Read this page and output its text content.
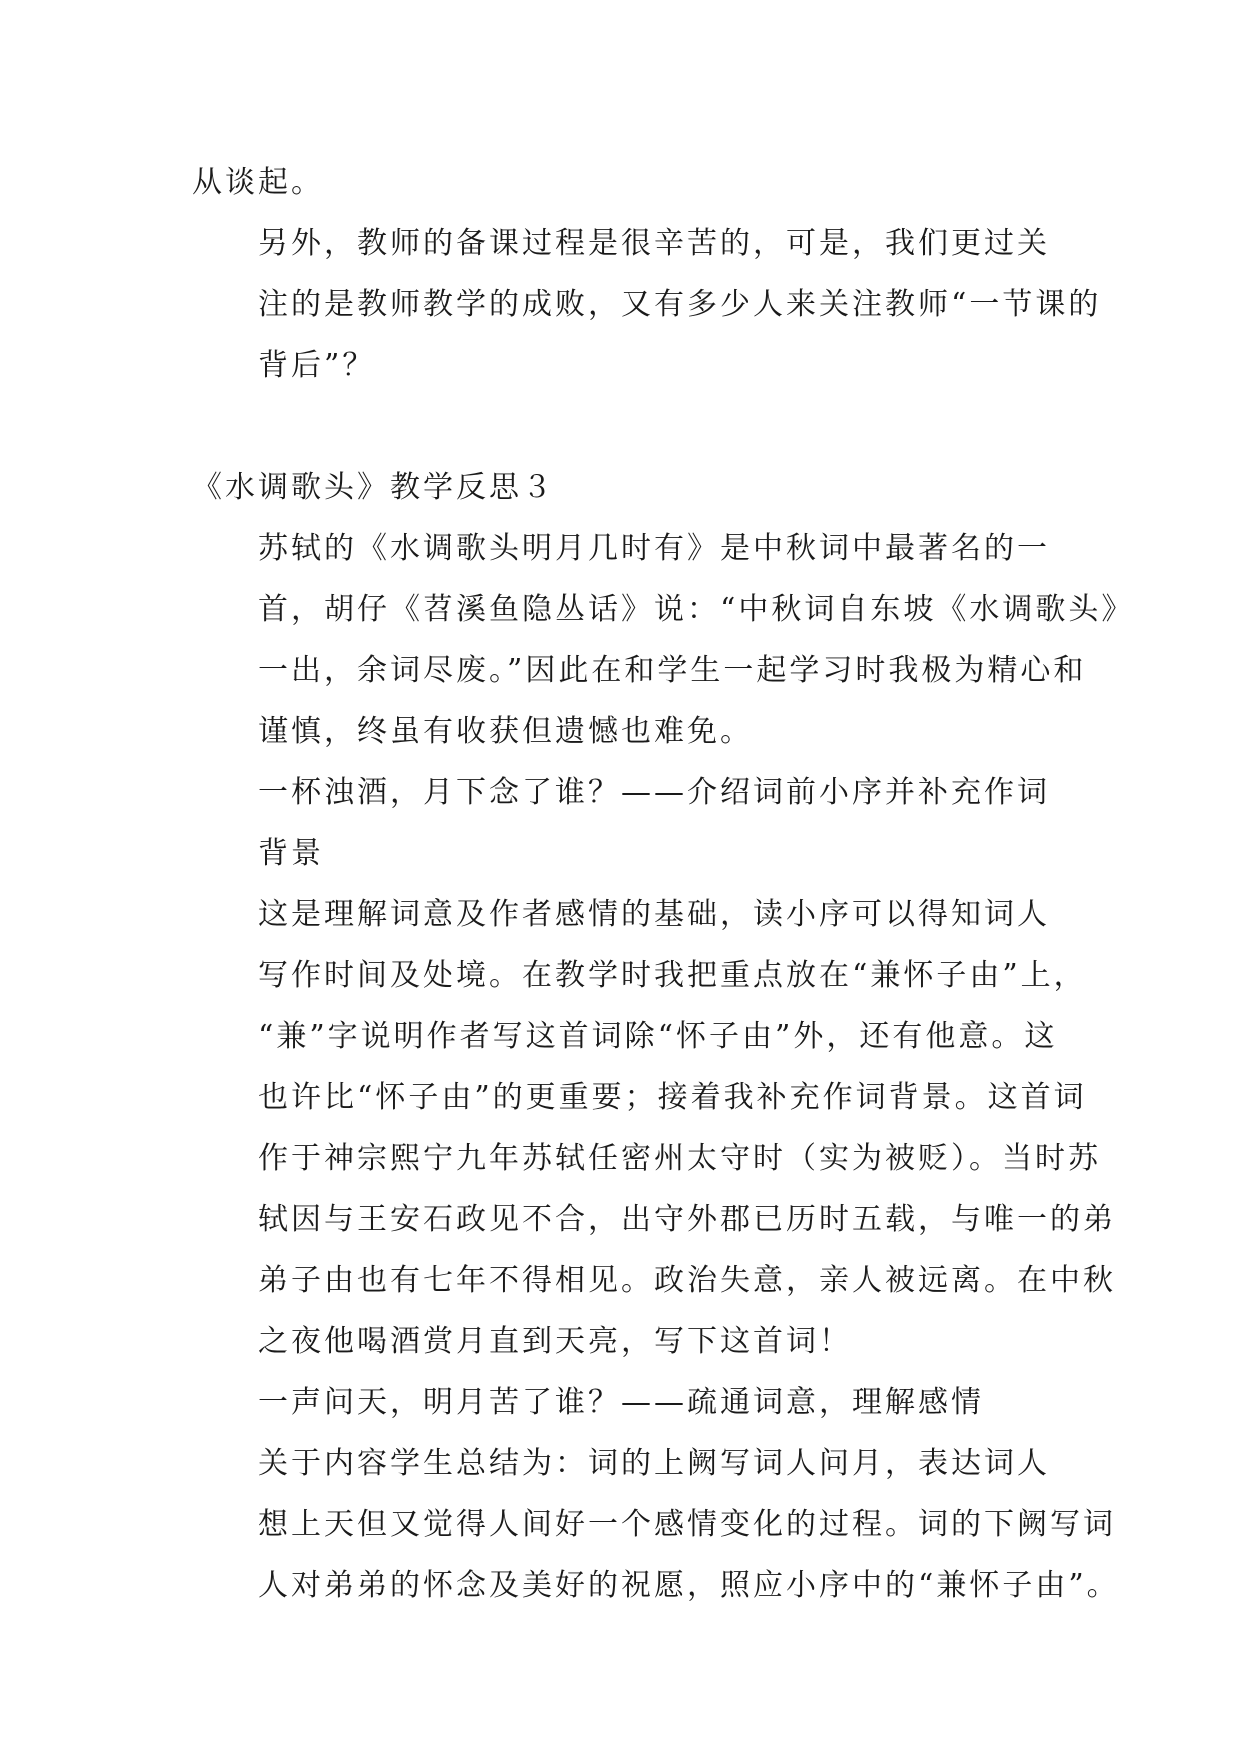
从谈起。

另外，教师的备课过程是很辛苦的，可是，我们更过关
注的是教师教学的成败，又有多少人来关注教师“一节课的
背后”？

《水调歌头》教学反思３

苏轼的《水调歌头明月几时有》是中秋词中最著名的一
首，胡仔《苕溪鱼隐丛话》说：“中秋词自东坡《水调歌头》
一出，余词尽废。”因此在和学生一起学习时我极为精心和
谨慎，终虽有收获但遗憾也难免。

一杯浊酒，月下念了谁？——介绍词前小序并补充作词
背景

这是理解词意及作者感情的基础，读小序可以得知词人
写作时间及处境。在教学时我把重点放在“兼怀子由”上，
“兼”字说明作者写这首词除“怀子由”外，还有他意。这
也许比“怀子由”的更重要；接着我补充作词背景。这首词
作于神宗熙宁九年苏轼任密州太守时（实为被贬）。当时苏
轼因与王安石政见不合，出守外郡已历时五载，与唯一的弟
弟子由也有七年不得相见。政治失意，亲人被远离。在中秋
之夜他喝酒赏月直到天亮，写下这首词！

一声问天，明月苦了谁？——疏通词意，理解感情

关于内容学生总结为：词的上阙写词人问月，表达词人
想上天但又觉得人间好一个感情变化的过程。词的下阙写词
人对弟弟的怀念及美好的祝愿，照应小序中的“兼怀子由”。
